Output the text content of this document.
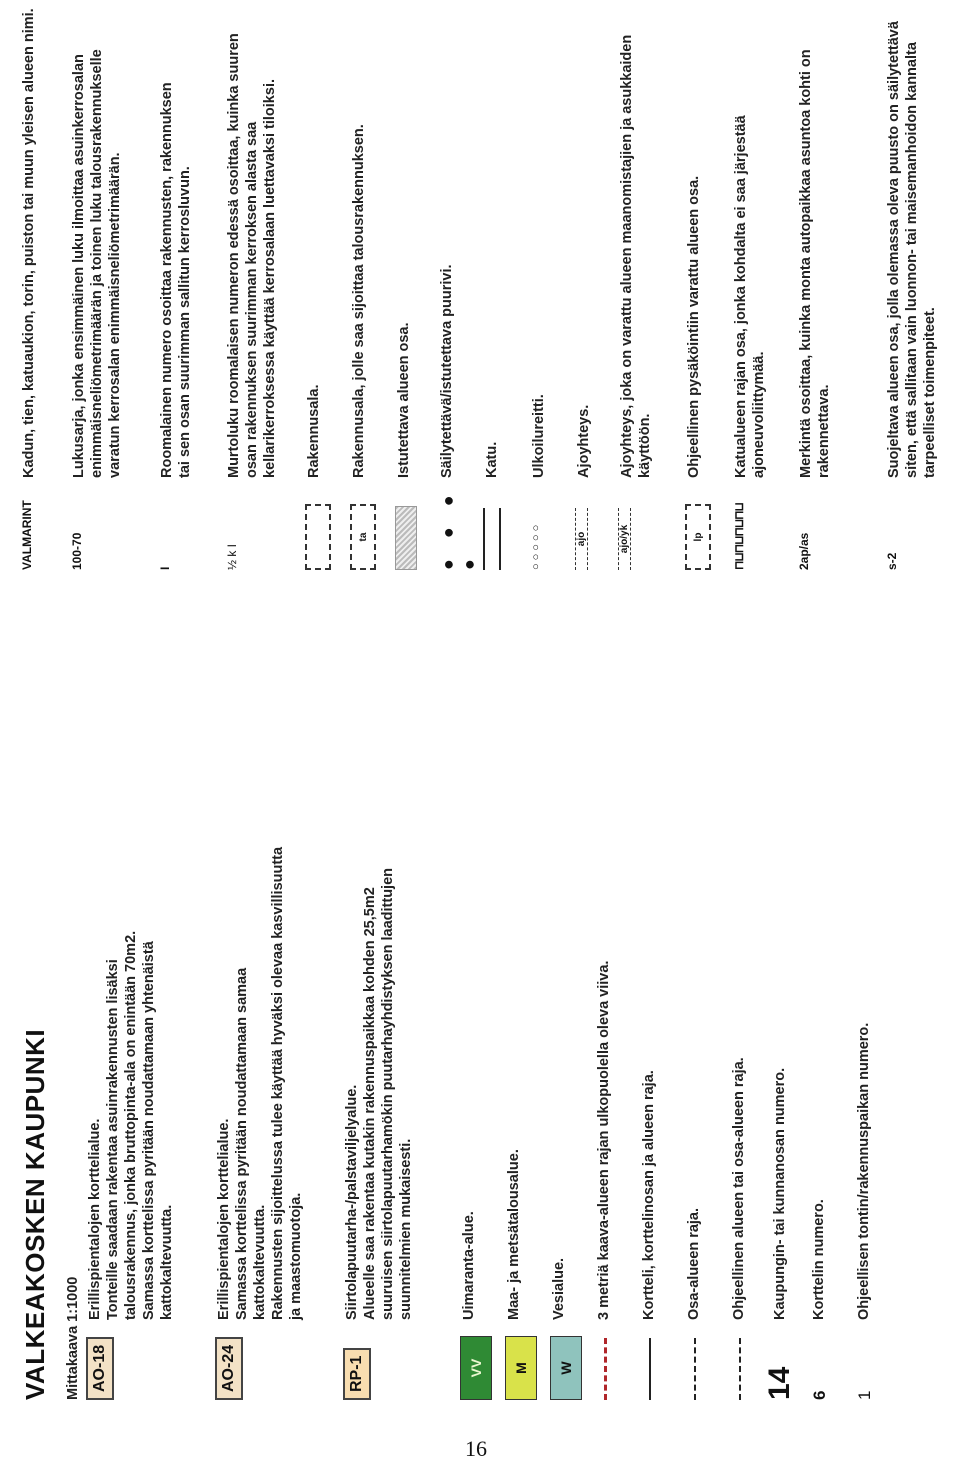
VALKEAKOSKEN KAUPUNKI Mittakaava 1:1000 AO-18
Erillispientalojen korttelialue. Tonteille saadaan rakentaa asuinrakennusten lisäksi talousrakennus, jonka bruttopinta-ala on enintään 70m2. Samassa korttelissa pyritään noudattamaan yhtenäistä kattokaltevuutta.
AO-24
Erillispientalojen korttelialue. Samassa korttelissa pyritään noudattamaan samaa kattokaltevuutta. Rakennusten sijoittelussa tulee käyttää hyväksi olevaa kasvillisuutta ja maastomuotoja.
RP-1
Siirtolapuutarha-/palstaviljelyalue. Alueelle saa rakentaa kutakin rakennuspaikkaa kohden 25,5m2 suuruisen siirtolapuutarhamökin puutarhayhdistyksen laadittujen suunnitelmien mukaisesti.
VV
Uimaranta-alue.
M
Maa- ja metsätalousalue.
W
Vesialue. 3 metriä kaava-alueen rajan ulkopuolella oleva viiva. Kortteli, korttelinosan ja alueen raja. Osa-alueen raja. Ohjeellinen alueen tai osa-alueen raja.
14
Kaupungin- tai kunnanosan numero.
6
Korttelin numero.
1
Ohjeellisen tontin/rakennuspaikan numero.
VALMARINT
Kadun, tien, katuaukion, torin, puiston tai muun yleisen alueen nimi.
100-70
Lukusarja, jonka ensimmäinen luku ilmoittaa asuinkerrosalan enimmäisneliömetrimäärän ja toinen luku talousrakennukselle varatun kerrosalan enimmäisneliömetrimäärän.
I
Roomalainen numero osoittaa rakennusten, rakennuksen tai sen osan suurimman sallitun kerrosluvun.
½ k I
Murtoluku roomalaisen numeron edessä osoittaa, kuinka suuren osan rakennuksen suurimman kerroksen alasta saa kellarikerroksessa käyttää kerrosalaan luettavaksi tiloiksi. Rakennusala.
ta
Rakennusala, jolle saa sijoittaa talousrakennuksen. Istutettava alueen osa.
● ● ● ●
Säilytettävä/istutettava puurivi. Katu.
○○○○○
Ulkoilureitti.
ajo
Ajoyhteys.
ajo/yk
Ajoyhteys, joka on varattu alueen maanomistajien ja asukkaiden käyttöön.
lp
Ohjeellinen pysäköintiin varattu alueen osa.
⊓⊔⊓⊔⊓⊔⊓⊔
Katualueen rajan osa, jonka kohdalta ei saa järjestää ajoneuvoliittymää.
2ap/as
Merkintä osoittaa, kuinka monta autopaikkaa asuntoa kohti on rakennettava.
s-2
Suojeltava alueen osa, jolla olemassa oleva puusto on säilytettävä siten, että sallitaan vain luonnon- tai maisemanhoidon kannalta tarpeelliset toimenpiteet.
16
